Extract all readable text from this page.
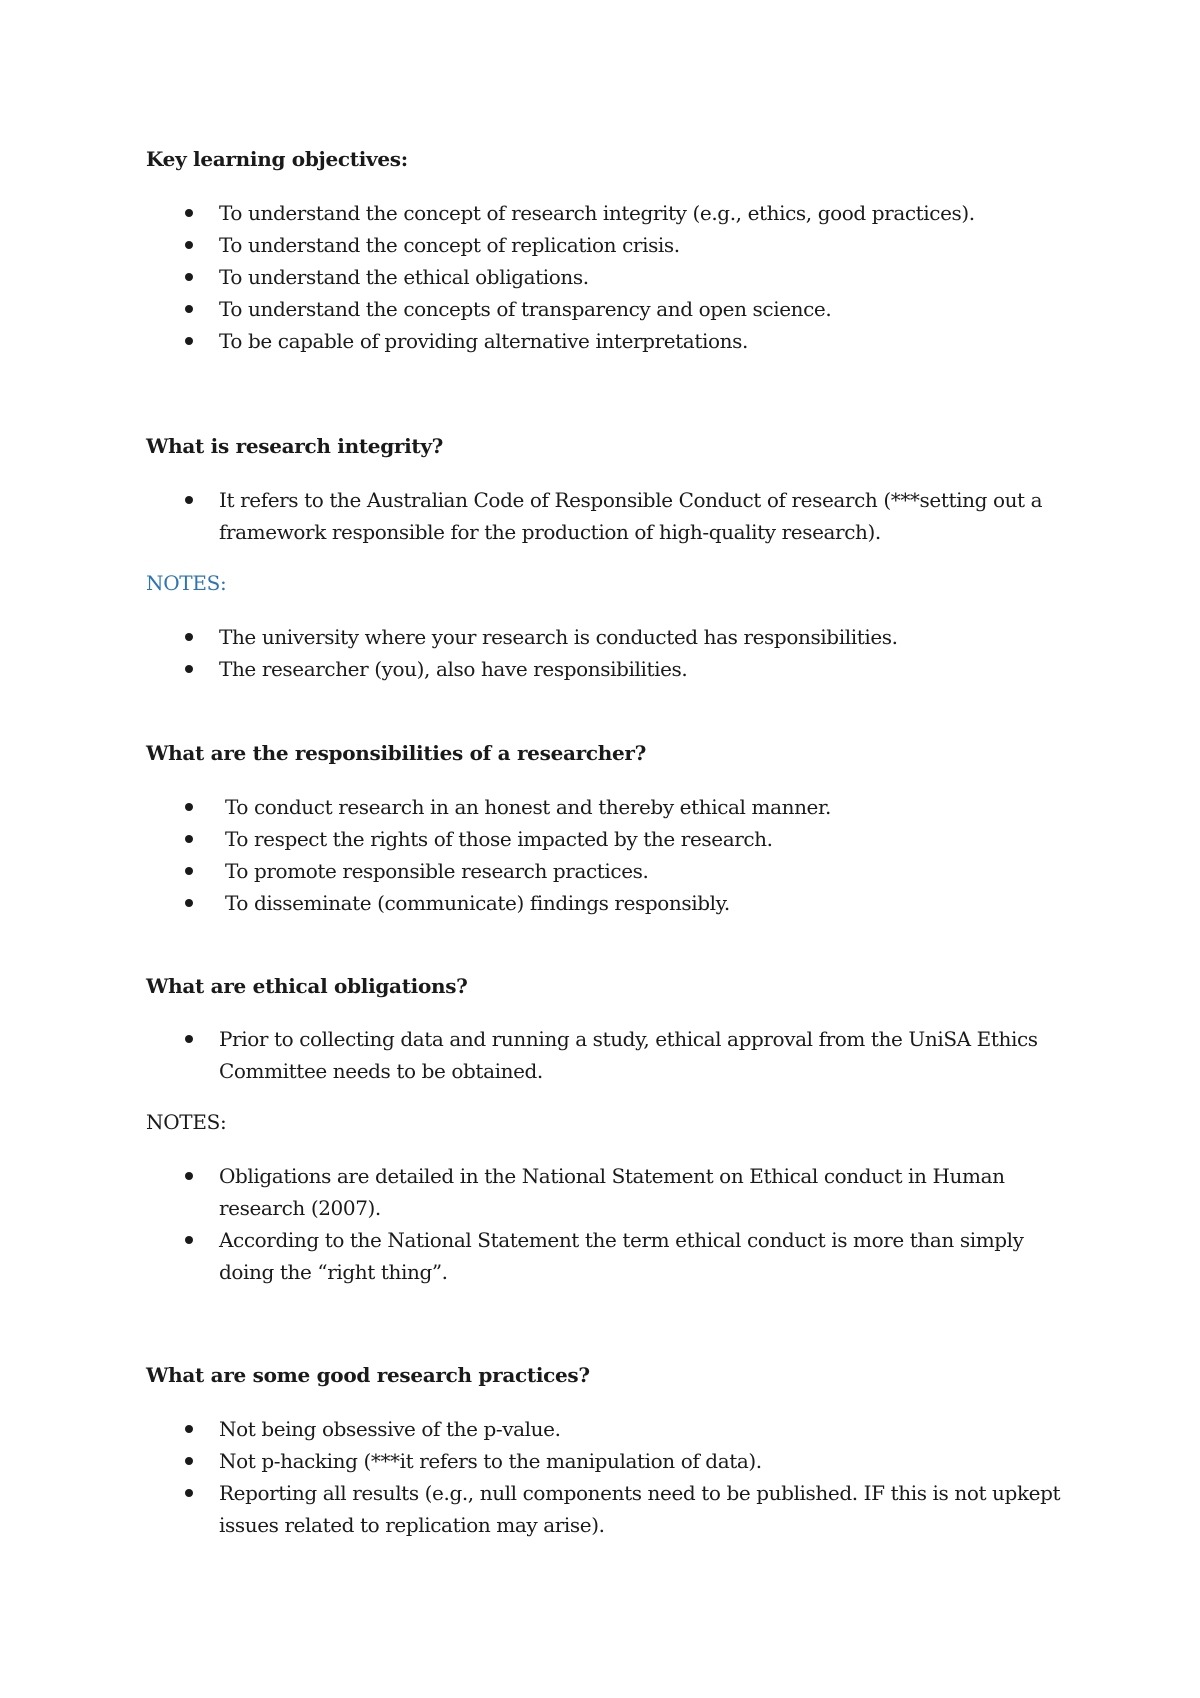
Key learning objectives:
To understand the concept of research integrity (e.g., ethics, good practices).
To understand the concept of replication crisis.
To understand the ethical obligations.
To understand the concepts of transparency and open science.
To be capable of providing alternative interpretations.
What is research integrity?
It refers to the Australian Code of Responsible Conduct of research (***setting out a framework responsible for the production of high-quality research).
NOTES:
The university where your research is conducted has responsibilities.
The researcher (you), also have responsibilities.
What are the responsibilities of a researcher?
To conduct research in an honest and thereby ethical manner.
To respect the rights of those impacted by the research.
To promote responsible research practices.
To disseminate (communicate) findings responsibly.
What are ethical obligations?
Prior to collecting data and running a study, ethical approval from the UniSA Ethics Committee needs to be obtained.
NOTES:
Obligations are detailed in the National Statement on Ethical conduct in Human research (2007).
According to the National Statement the term ethical conduct is more than simply doing the “right thing”.
What are some good research practices?
Not being obsessive of the p-value.
Not p-hacking (***it refers to the manipulation of data).
Reporting all results (e.g., null components need to be published. IF this is not upkept issues related to replication may arise).
